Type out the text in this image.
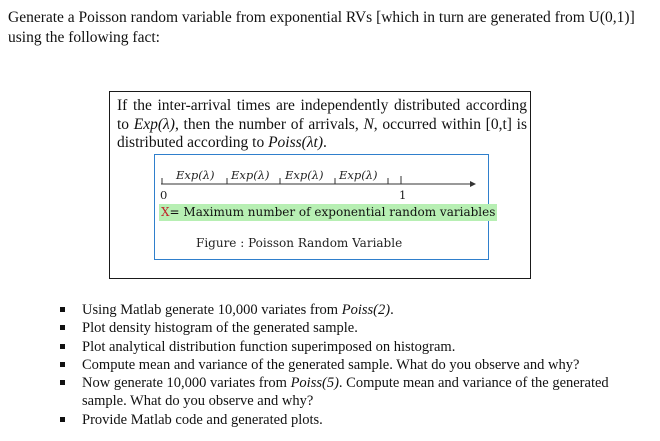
Generate a Poisson random variable from exponential RVs [which in turn are generated from U(0,1)] using the following fact:

If the inter-arrival times are independently distributed according to Exp(λ), then the number of arrivals, N, occurred within [0,t] is distributed according to Poiss(λt).

Exp(λ) Exp(λ) Exp(λ) Exp(λ)
0	1
X= Maximum number of exponential random variables
Figure : Poisson Random Variable
Using Matlab generate 10,000 variates from Poiss(2).
Plot density histogram of the generated sample.
Plot analytical distribution function superimposed on histogram.
Compute mean and variance of the generated sample. What do you observe and why?
Now generate 10,000 variates from Poiss(5). Compute mean and variance of the generated sample. What do you observe and why?
Provide Matlab code and generated plots.
